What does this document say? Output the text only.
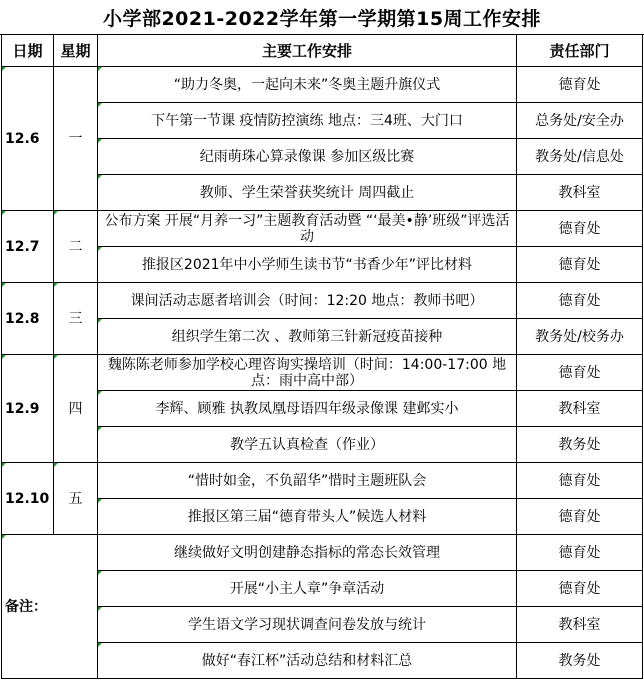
小学部2021-2022学年第一学期第15周工作安排
日期	星期	主要工作安排	责任部门
12.6	一	“助力冬奥，一起向未来”冬奥主题升旗仪式	德育处
		下午第一节课 疫情防控演练 地点：三4班、大门口	总务处/安全办
		纪雨萌珠心算录像课 参加区级比赛	教务处/信息处
		教师、学生荣誉获奖统计 周四截止	教科室
12.7	二	公布方案 开展“月养一习”主题教育活动暨 “‘最美•静’班级”评选活动	德育处
		推报区2021年中小学师生读书节“书香少年”评比材料	德育处
12.8	三	课间活动志愿者培训会（时间：12:20 地点：教师书吧）	德育处
		组织学生第二次 、教师第三针新冠疫苗接种	教务处/校务办
12.9	四	魏陈陈老师参加学校心理咨询实操培训（时间：14:00-17:00 地点：雨中高中部）	德育处
		李辉、顾雅 执教凤凰母语四年级录像课 建邺实小	教科室
		教学五认真检查（作业）	教务处
12.10	五	“惜时如金，不负韶华”惜时主题班队会	德育处
		推报区第三届“德育带头人”候选人材料	德育处
备注：		继续做好文明创建静态指标的常态长效管理	德育处
		开展“小主人章”争章活动	德育处
		学生语文学习现状调查问卷发放与统计	教科室
		做好“春江杯”活动总结和材料汇总	教务处
